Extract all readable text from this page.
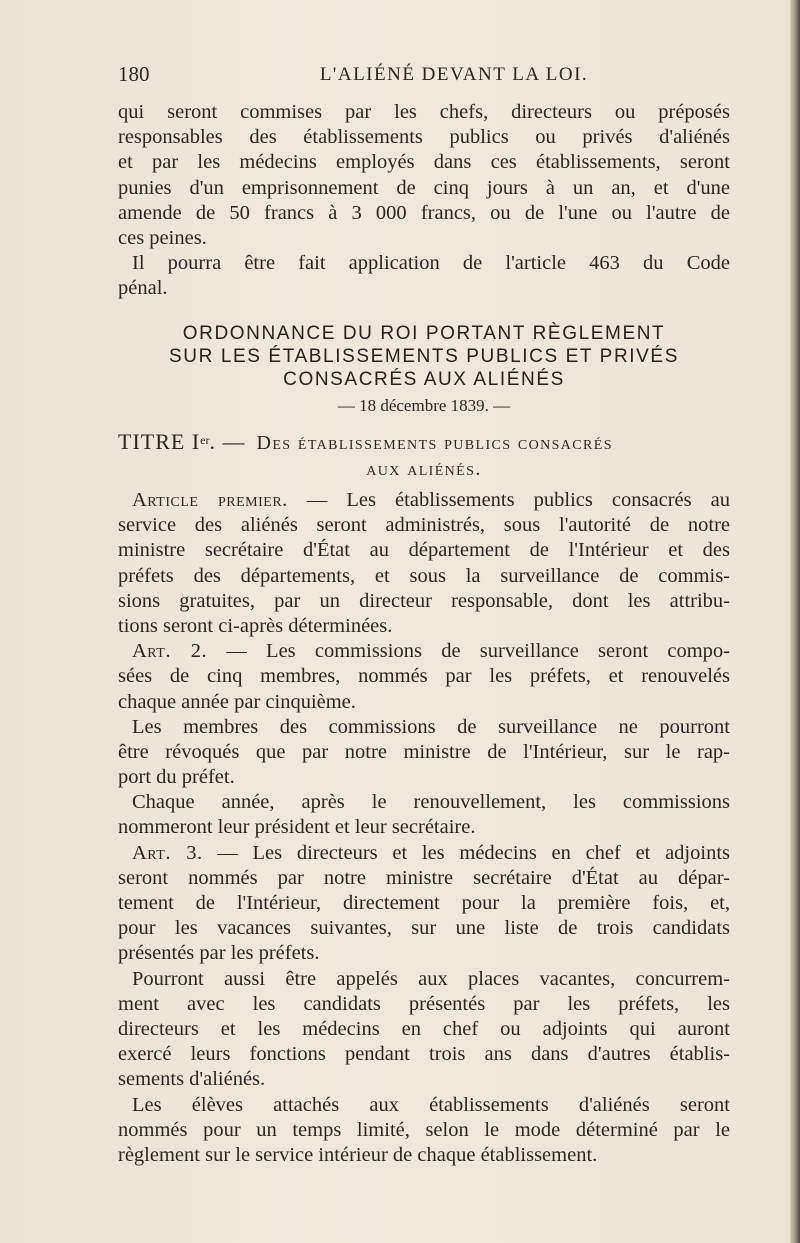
180	L'ALIÉNÉ DEVANT LA LOI.
qui seront commises par les chefs, directeurs ou préposés
responsables des établissements publics ou privés d'aliénés
et par les médecins employés dans ces établissements, seront
punies d'un emprisonnement de cinq jours à un an, et d'une
amende de 50 francs à 3 000 francs, ou de l'une ou l'autre de
ces peines.
Il pourra être fait application de l'article 463 du Code
pénal.
ORDONNANCE DU ROI PORTANT RÈGLEMENT
SUR LES ÉTABLISSEMENTS PUBLICS ET PRIVÉS
CONSACRÉS AUX ALIÉNÉS
— 18 décembre 1839. —
TITRE Ier. — Des établissements publics consacrés
aux aliénés.
Article premier. — Les établissements publics consacrés au
service des aliénés seront administrés, sous l'autorité de notre
ministre secrétaire d'État au département de l'Intérieur et des
préfets des départements, et sous la surveillance de commis-
sions gratuites, par un directeur responsable, dont les attribu-
tions seront ci-après déterminées.
Art. 2. — Les commissions de surveillance seront compo-
sées de cinq membres, nommés par les préfets, et renouvelés
chaque année par cinquième.
Les membres des commissions de surveillance ne pourront
être révoqués que par notre ministre de l'Intérieur, sur le rap-
port du préfet.
Chaque année, après le renouvellement, les commissions
nommeront leur président et leur secrétaire.
Art. 3. — Les directeurs et les médecins en chef et adjoints
seront nommés par notre ministre secrétaire d'État au dépar-
tement de l'Intérieur, directement pour la première fois, et,
pour les vacances suivantes, sur une liste de trois candidats
présentés par les préfets.
Pourront aussi être appelés aux places vacantes, concurrem-
ment avec les candidats présentés par les préfets, les
directeurs et les médecins en chef ou adjoints qui auront
exercé leurs fonctions pendant trois ans dans d'autres établis-
sements d'aliénés.
Les élèves attachés aux établissements d'aliénés seront
nommés pour un temps limité, selon le mode déterminé par le
règlement sur le service intérieur de chaque établissement.
